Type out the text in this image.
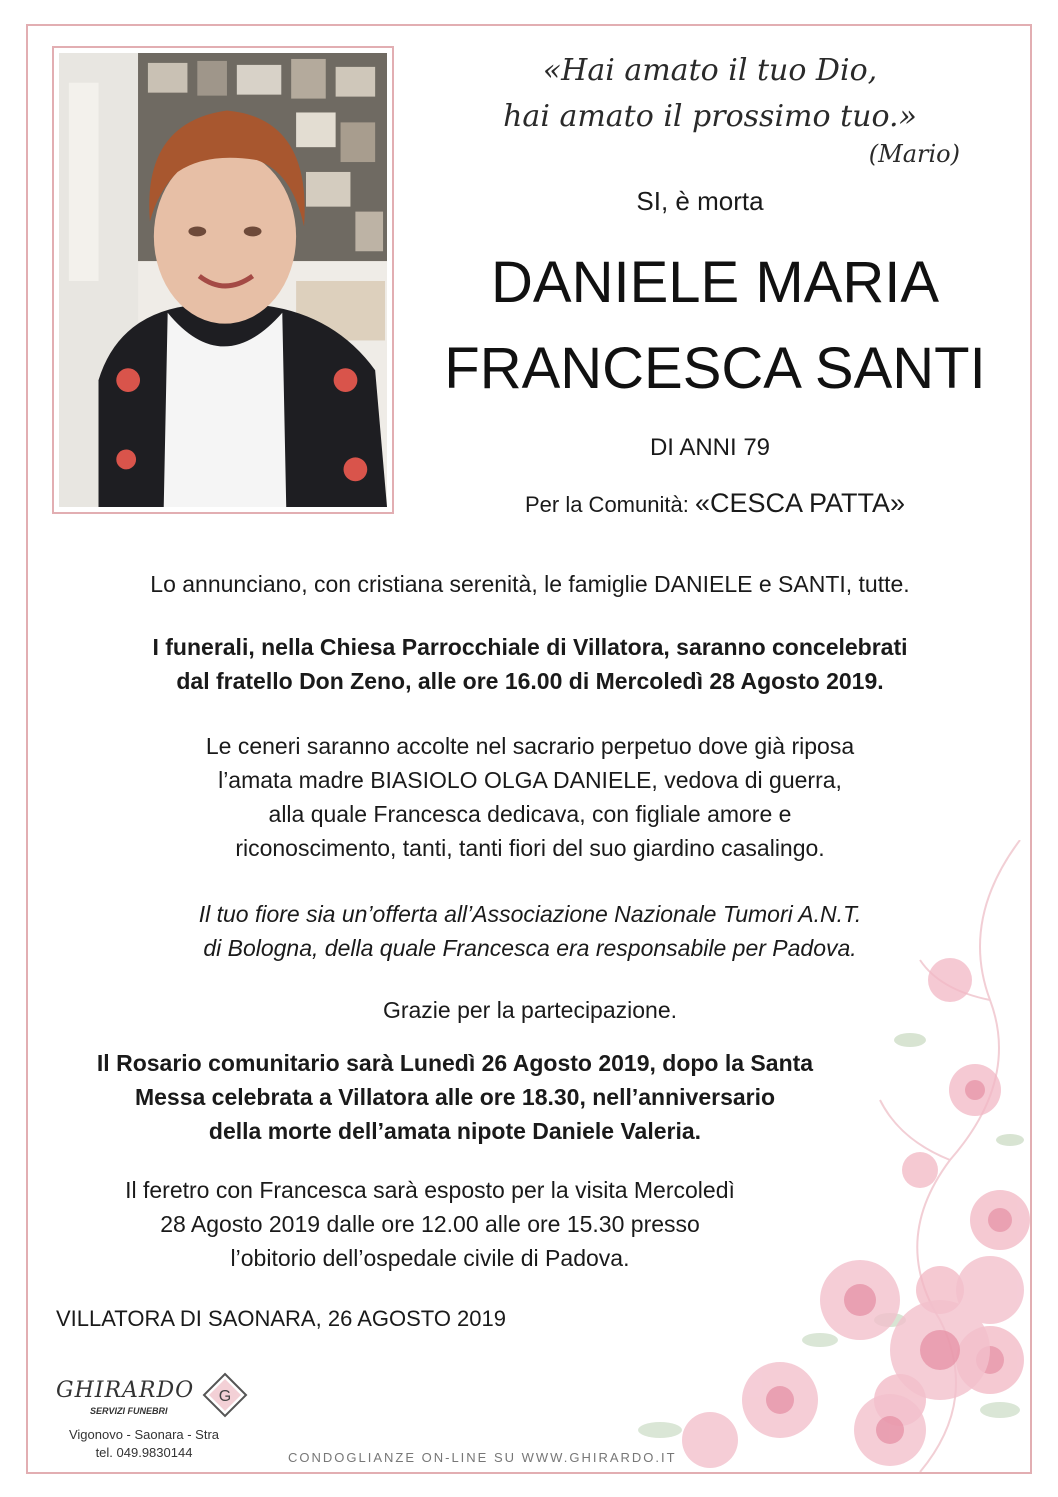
«Hai amato il tuo Dio,
hai amato il prossimo tuo.»
(Mario)
SI, è morta
DANIELE MARIA
FRANCESCA SANTI
DI ANNI 79
Per la Comunità: «CESCA PATTA»
Lo annunciano, con cristiana serenità, le famiglie DANIELE e SANTI, tutte.
I funerali, nella Chiesa Parrocchiale di Villatora, saranno concelebrati
dal fratello Don Zeno, alle ore 16.00 di Mercoledì 28 Agosto 2019.
Le ceneri saranno accolte nel sacrario perpetuo dove già riposa
l’amata madre BIASIOLO OLGA DANIELE, vedova di guerra,
alla quale Francesca dedicava, con figliale amore e
riconoscimento, tanti, tanti fiori del suo giardino casalingo.
Il tuo fiore sia un’offerta all’Associazione Nazionale Tumori A.N.T.
di Bologna, della quale Francesca era responsabile per Padova.
Grazie per la partecipazione.
Il Rosario comunitario sarà Lunedì 26 Agosto 2019, dopo la Santa
Messa celebrata a Villatora alle ore 18.30, nell’anniversario
della morte dell’amata nipote Daniele Valeria.
Il feretro con Francesca sarà esposto per la visita Mercoledì
28 Agosto 2019 dalle ore 12.00 alle ore 15.30 presso
l’obitorio dell’ospedale civile di Padova.
VILLATORA DI SAONARA, 26 AGOSTO 2019
GHIRARDO
SERVIZI FUNEBRI
G
Vigonovo - Saonara - Stra
tel. 049.9830144	CONDOGLIANZE ON-LINE SU WWW.GHIRARDO.IT
